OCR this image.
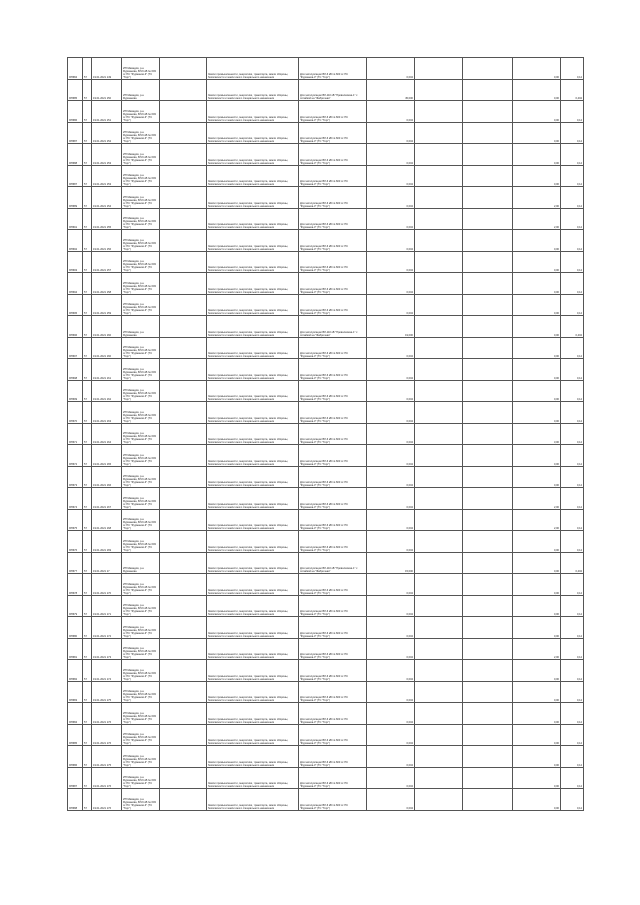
ЯП684	57	19.01.2021 149	ИП Мамедов, р-н Фурманова, ВЛ-6 кВ № 603 от ПС "Фурманов-3" (ТС "Торг")		Земли промышленности, энергетики, транспорта, земли обороны, безопасности и земли иного специального назначения	Для эксплуатации ВЛ-6 кВ № 603 от ПС "Фурманов-3" (ТС "Торг")	0,004			0,00	0,14
ЯП685	57	19.01.2021 150	ИП Мамедов, р-н Фурманова		Земли промышленности, энергетики, транспорта, земли обороны, безопасности и земли иного специального назначения	Для эксплуатации ВЛ-110 кВ "Приволжская-1" с отпайкой на "Фабричная"	45,000			0,00	0,404
ЯП686	57	19.01.2021 151	ИП Мамедов, р-н Фурманова, ВЛ-6 кВ № 603 от ПС "Фурманов-3" (ТС "Торг")		Земли промышленности, энергетики, транспорта, земли обороны, безопасности и земли иного специального назначения	Для эксплуатации ВЛ-6 кВ № 603 от ПС "Фурманов-3" (ТС "Торг")	0,004			0,00	0,14
ЯП687	57	19.01.2021 152	ИП Мамедов, р-н Фурманова, ВЛ-6 кВ № 603 от ПС "Фурманов-3" (ТС "Торг")		Земли промышленности, энергетики, транспорта, земли обороны, безопасности и земли иного специального назначения	Для эксплуатации ВЛ-6 кВ № 603 от ПС "Фурманов-3" (ТС "Торг")	0,004			0,00	0,14
ЯП688	57	19.01.2021 153	ИП Мамедов, р-н Фурманова, ВЛ-6 кВ № 603 от ПС "Фурманов-3" (ТС "Торг")		Земли промышленности, энергетики, транспорта, земли обороны, безопасности и земли иного специального назначения	Для эксплуатации ВЛ-6 кВ № 603 от ПС "Фурманов-3" (ТС "Торг")	0,004			0,00	0,14
ЯП687	57	19.01.2021 153	ИП Мамедов, р-н Фурманова, ВЛ-6 кВ № 603 от ПС "Фурманов-3" (ТС "Торг")		Земли промышленности, энергетики, транспорта, земли обороны, безопасности и земли иного специального назначения	Для эксплуатации ВЛ-6 кВ № 603 от ПС "Фурманов-3" (ТС "Торг")	0,004			0,00	0,14
ЯП689	57	19.01.2021 154	ИП Мамедов, р-н Фурманова, ВЛ-6 кВ № 603 от ПС "Фурманов-3" (ТС "Торг")		Земли промышленности, энергетики, транспорта, земли обороны, безопасности и земли иного специального назначения	Для эксплуатации ВЛ-6 кВ № 603 от ПС "Фурманов-3" (ТС "Торг")	0,004			2,00	0,14
ЯП691	57	19.01.2021 155	ИП Мамедов, р-н Фурманова, ВЛ-6 кВ № 603 от ПС "Фурманов-3" (ТС "Торг")		Земли промышленности, энергетики, транспорта, земли обороны, безопасности и земли иного специального назначения	Для эксплуатации ВЛ-6 кВ № 603 от ПС "Фурманов-3" (ТС "Торг")	0,004			2,00	0,14
ЯП692	57	19.01.2021 156	ИП Мамедов, р-н Фурманова, ВЛ-6 кВ № 603 от ПС "Фурманов-3" (ТС "Торг")		Земли промышленности, энергетики, транспорта, земли обороны, безопасности и земли иного специального назначения	Для эксплуатации ВЛ-6 кВ № 603 от ПС "Фурманов-3" (ТС "Торг")	0,004			0,00	0,14
ЯП693	57	19.01.2021 157	ИП Мамедов, р-н Фурманова, ВЛ-6 кВ № 603 от ПС "Фурманов-3" (ТС "Торг")		Земли промышленности, энергетики, транспорта, земли обороны, безопасности и земли иного специального назначения	Для эксплуатации ВЛ-6 кВ № 603 от ПС "Фурманов-3" (ТС "Торг")	0,004			0,00	0,14
ЯП694	57	19.01.2021 158	ИП Мамедов, р-н Фурманова, ВЛ-6 кВ № 603 от ПС "Фурманов-3" (ТС "Торг")		Земли промышленности, энергетики, транспорта, земли обороны, безопасности и земли иного специального назначения	Для эксплуатации ВЛ-6 кВ № 603 от ПС "Фурманов-3" (ТС "Торг")	0,004			0,00	0,14
ЯП695	57	19.01.2021 159	ИП Мамедов, р-н Фурманова, ВЛ-6 кВ № 603 от ПС "Фурманов-3" (ТС "Торг")		Земли промышленности, энергетики, транспорта, земли обороны, безопасности и земли иного специального назначения	Для эксплуатации ВЛ-6 кВ № 603 от ПС "Фурманов-3" (ТС "Торг")	0,004			0,00	0,14
ЯП696	57	19.01.2021 160	ИП Мамедов, р-н Фурманова		Земли промышленности, энергетики, транспорта, земли обороны, безопасности и земли иного специального назначения	Для эксплуатации ВЛ-110 кВ "Приволжская-1" с отпайкой на "Фабричная"	19,000			0,00	0,404
ЯП697	57	19.01.2021 160	ИП Мамедов, р-н Фурманова, ВЛ-6 кВ № 603 от ПС "Фурманов-3" (ТС "Торг")		Земли промышленности, энергетики, транспорта, земли обороны, безопасности и земли иного специального назначения	Для эксплуатации ВЛ-6 кВ № 603 от ПС "Фурманов-3" (ТС "Торг")	0,004			0,00	0,14
ЯП698	57	19.01.2021 161	ИП Мамедов, р-н Фурманова, ВЛ-6 кВ № 603 от ПС "Фурманов-3" (ТС "Торг")		Земли промышленности, энергетики, транспорта, земли обороны, безопасности и земли иного специального назначения	Для эксплуатации ВЛ-6 кВ № 603 от ПС "Фурманов-3" (ТС "Торг")	0,004			0,00	0,14
ЯП699	57	19.01.2021 162	ИП Мамедов, р-н Фурманова, ВЛ-6 кВ № 603 от ПС "Фурманов-3" (ТС "Торг")		Земли промышленности, энергетики, транспорта, земли обороны, безопасности и земли иного специального назначения	Для эксплуатации ВЛ-6 кВ № 603 от ПС "Фурманов-3" (ТС "Торг")	0,004			0,00	0,14
ЯП670	57	19.01.2021 163	ИП Мамедов, р-н Фурманова, ВЛ-6 кВ № 603 от ПС "Фурманов-3" (ТС "Торг")		Земли промышленности, энергетики, транспорта, земли обороны, безопасности и земли иного специального назначения	Для эксплуатации ВЛ-6 кВ № 603 от ПС "Фурманов-3" (ТС "Торг")	0,004			0,00	0,14
ЯП671	57	19.01.2021 164	ИП Мамедов, р-н Фурманова, ВЛ-6 кВ № 603 от ПС "Фурманов-3" (ТС "Торг")		Земли промышленности, энергетики, транспорта, земли обороны, безопасности и земли иного специального назначения	Для эксплуатации ВЛ-6 кВ № 603 от ПС "Фурманов-3" (ТС "Торг")	0,004			3,00	0,14
ЯП672	57	19.01.2021 165	ИП Мамедов, р-н Фурманова, ВЛ-6 кВ № 603 от ПС "Фурманов-3" (ТС "Торг")		Земли промышленности, энергетики, транспорта, земли обороны, безопасности и земли иного специального назначения	Для эксплуатации ВЛ-6 кВ № 603 от ПС "Фурманов-3" (ТС "Торг")	0,004			0,00	0,14
ЯП673	57	19.01.2021 166	ИП Мамедов, р-н Фурманова, ВЛ-6 кВ № 603 от ПС "Фурманов-3" (ТС "Торг")		Земли промышленности, энергетики, транспорта, земли обороны, безопасности и земли иного специального назначения	Для эксплуатации ВЛ-6 кВ № 603 от ПС "Фурманов-3" (ТС "Торг")	0,004			0,00	0,14
ЯП674	57	19.01.2021 167	ИП Мамедов, р-н Фурманова, ВЛ-6 кВ № 603 от ПС "Фурманов-3" (ТС "Торг")		Земли промышленности, энергетики, транспорта, земли обороны, безопасности и земли иного специального назначения	Для эксплуатации ВЛ-6 кВ № 603 от ПС "Фурманов-3" (ТС "Торг")	0,004			2,00	0,14
ЯП675	57	19.01.2021 168	ИП Мамедов, р-н Фурманова, ВЛ-6 кВ № 603 от ПС "Фурманов-3" (ТС "Торг")		Земли промышленности, энергетики, транспорта, земли обороны, безопасности и земли иного специального назначения	Для эксплуатации ВЛ-6 кВ № 603 от ПС "Фурманов-3" (ТС "Торг")	0,004			2,00	0,14
ЯП676	57	19.01.2021 169	ИП Мамедов, р-н Фурманова, ВЛ-6 кВ № 603 от ПС "Фурманов-3" (ТС "Торг")		Земли промышленности, энергетики, транспорта, земли обороны, безопасности и земли иного специального назначения	Для эксплуатации ВЛ-6 кВ № 603 от ПС "Фурманов-3" (ТС "Торг")	0,004			0,00	0,14
ЯП677	57	19.01.2021 17	ИП Мамедов, р-н Фурманова		Земли промышленности, энергетики, транспорта, земли обороны, безопасности и земли иного специального назначения	Для эксплуатации ВЛ-110 кВ "Приволжская-1" с отпайкой на "Фабричная"	15,000			0,00	0,404
ЯП678	57	19.01.2021 170	ИП Мамедов, р-н Фурманова, ВЛ-6 кВ № 603 от ПС "Фурманов-3" (ТС "Торг")		Земли промышленности, энергетики, транспорта, земли обороны, безопасности и земли иного специального назначения	Для эксплуатации ВЛ-6 кВ № 603 от ПС "Фурманов-3" (ТС "Торг")	0,004			0,00	0,14
ЯП679	57	19.01.2021 171	ИП Мамедов, р-н Фурманова, ВЛ-6 кВ № 603 от ПС "Фурманов-3" (ТС "Торг")		Земли промышленности, энергетики, транспорта, земли обороны, безопасности и земли иного специального назначения	Для эксплуатации ВЛ-6 кВ № 603 от ПС "Фурманов-3" (ТС "Торг")	0,004			0,00	0,14
ЯП680	57	19.01.2021 172	ИП Мамедов, р-н Фурманова, ВЛ-6 кВ № 603 от ПС "Фурманов-3" (ТС "Торг")		Земли промышленности, энергетики, транспорта, земли обороны, безопасности и земли иного специального назначения	Для эксплуатации ВЛ-6 кВ № 603 от ПС "Фурманов-3" (ТС "Торг")	0,004			0,00	0,14
ЯП681	57	19.01.2021 173	ИП Мамедов, р-н Фурманова, ВЛ-6 кВ № 603 от ПС "Фурманов-3" (ТС "Торг")		Земли промышленности, энергетики, транспорта, земли обороны, безопасности и земли иного специального назначения	Для эксплуатации ВЛ-6 кВ № 603 от ПС "Фурманов-3" (ТС "Торг")	0,004			2,00	0,14
ЯП682	57	19.01.2021 174	ИП Мамедов, р-н Фурманова, ВЛ-6 кВ № 603 от ПС "Фурманов-3" (ТС "Торг")		Земли промышленности, энергетики, транспорта, земли обороны, безопасности и земли иного специального назначения	Для эксплуатации ВЛ-6 кВ № 603 от ПС "Фурманов-3" (ТС "Торг")	0,004			0,00	0,14
ЯП683	57	19.01.2021 175	ИП Мамедов, р-н Фурманова, ВЛ-6 кВ № 603 от ПС "Фурманов-3" (ТС "Торг")		Земли промышленности, энергетики, транспорта, земли обороны, безопасности и земли иного специального назначения	Для эксплуатации ВЛ-6 кВ № 603 от ПС "Фурманов-3" (ТС "Торг")	0,004			0,00	0,14
ЯП684	57	19.01.2021 176	ИП Мамедов, р-н Фурманова, ВЛ-6 кВ № 603 от ПС "Фурманов-3" (ТС "Торг")		Земли промышленности, энергетики, транспорта, земли обороны, безопасности и земли иного специального назначения	Для эксплуатации ВЛ-6 кВ № 603 от ПС "Фурманов-3" (ТС "Торг")	0,004			0,00	0,14
ЯП685	57	19.01.2021 176	ИП Мамедов, р-н Фурманова, ВЛ-6 кВ № 603 от ПС "Фурманов-3" (ТС "Торг")		Земли промышленности, энергетики, транспорта, земли обороны, безопасности и земли иного специального назначения	Для эксплуатации ВЛ-6 кВ № 603 от ПС "Фурманов-3" (ТС "Торг")	0,004			0,00	0,14
ЯП686	57	19.01.2021 175	ИП Мамедов, р-н Фурманова, ВЛ-6 кВ № 603 от ПС "Фурманов-3" (ТС "Торг")		Земли промышленности, энергетики, транспорта, земли обороны, безопасности и земли иного специального назначения	Для эксплуатации ВЛ-6 кВ № 603 от ПС "Фурманов-3" (ТС "Торг")	0,004			0,00	0,14
ЯП687	57	19.01.2021 176	ИП Мамедов, р-н Фурманова, ВЛ-6 кВ № 603 от ПС "Фурманов-3" (ТС "Торг")		Земли промышленности, энергетики, транспорта, земли обороны, безопасности и земли иного специального назначения	Для эксплуатации ВЛ-6 кВ № 603 от ПС "Фурманов-3" (ТС "Торг")	0,004			0,00	0,14
ЯП688	57	19.01.2021 176	ИП Мамедов, р-н Фурманова, ВЛ-6 кВ № 603 от ПС "Фурманов-3" (ТС "Торг")		Земли промышленности, энергетики, транспорта, земли обороны, безопасности и земли иного специального назначения	Для эксплуатации ВЛ-6 кВ № 603 от ПС "Фурманов-3" (ТС "Торг")	0,004			0,00	0,14
